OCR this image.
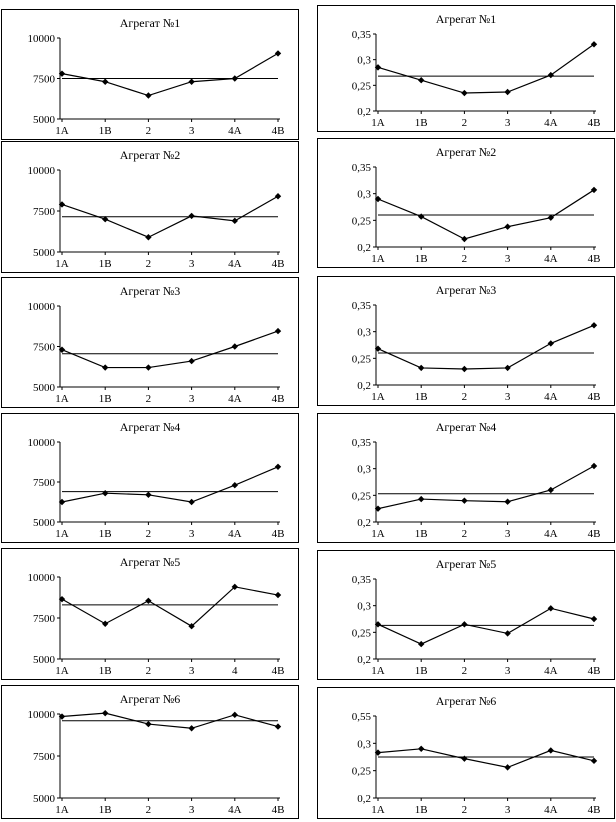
Агрегат №1
5000
7500
10000
1A	1B	2	3	4A	4B
Агрегат №1
0,2
0,25
0,3
0,35
1A	1B	2	3	4A	4B
Агрегат №2
5000
7500
10000
1A	1B	2	3	4A	4B
Агрегат №2
0,2
0,25
0,3
0,35
1A	1B	2	3	4A	4B
Агрегат №3
5000
7500
10000
1A	1B	2	3	4A	4B
Агрегат №3
0,2
0,25
0,3
0,35
1A	1B	2	3	4A	4B
Агрегат №4
5000
7500
10000
1A	1B	2	3	4A	4B
Агрегат №4
0,2
0,25
0,3
0,35
1A	1B	2	3	4A	4B
Агрегат №5
5000
7500
10000
1A	1B	2	3	4	4B
Агрегат №5
0,2
0,25
0,3
0,35
1A	1B	2	3	4A	4B
Агрегат №6
5000
7500
10000
1A	1B	2	3	4A	4B
Агрегат №6
0,2
0,25
0,3
0,55
1A	1B	2	3	4A	4B
